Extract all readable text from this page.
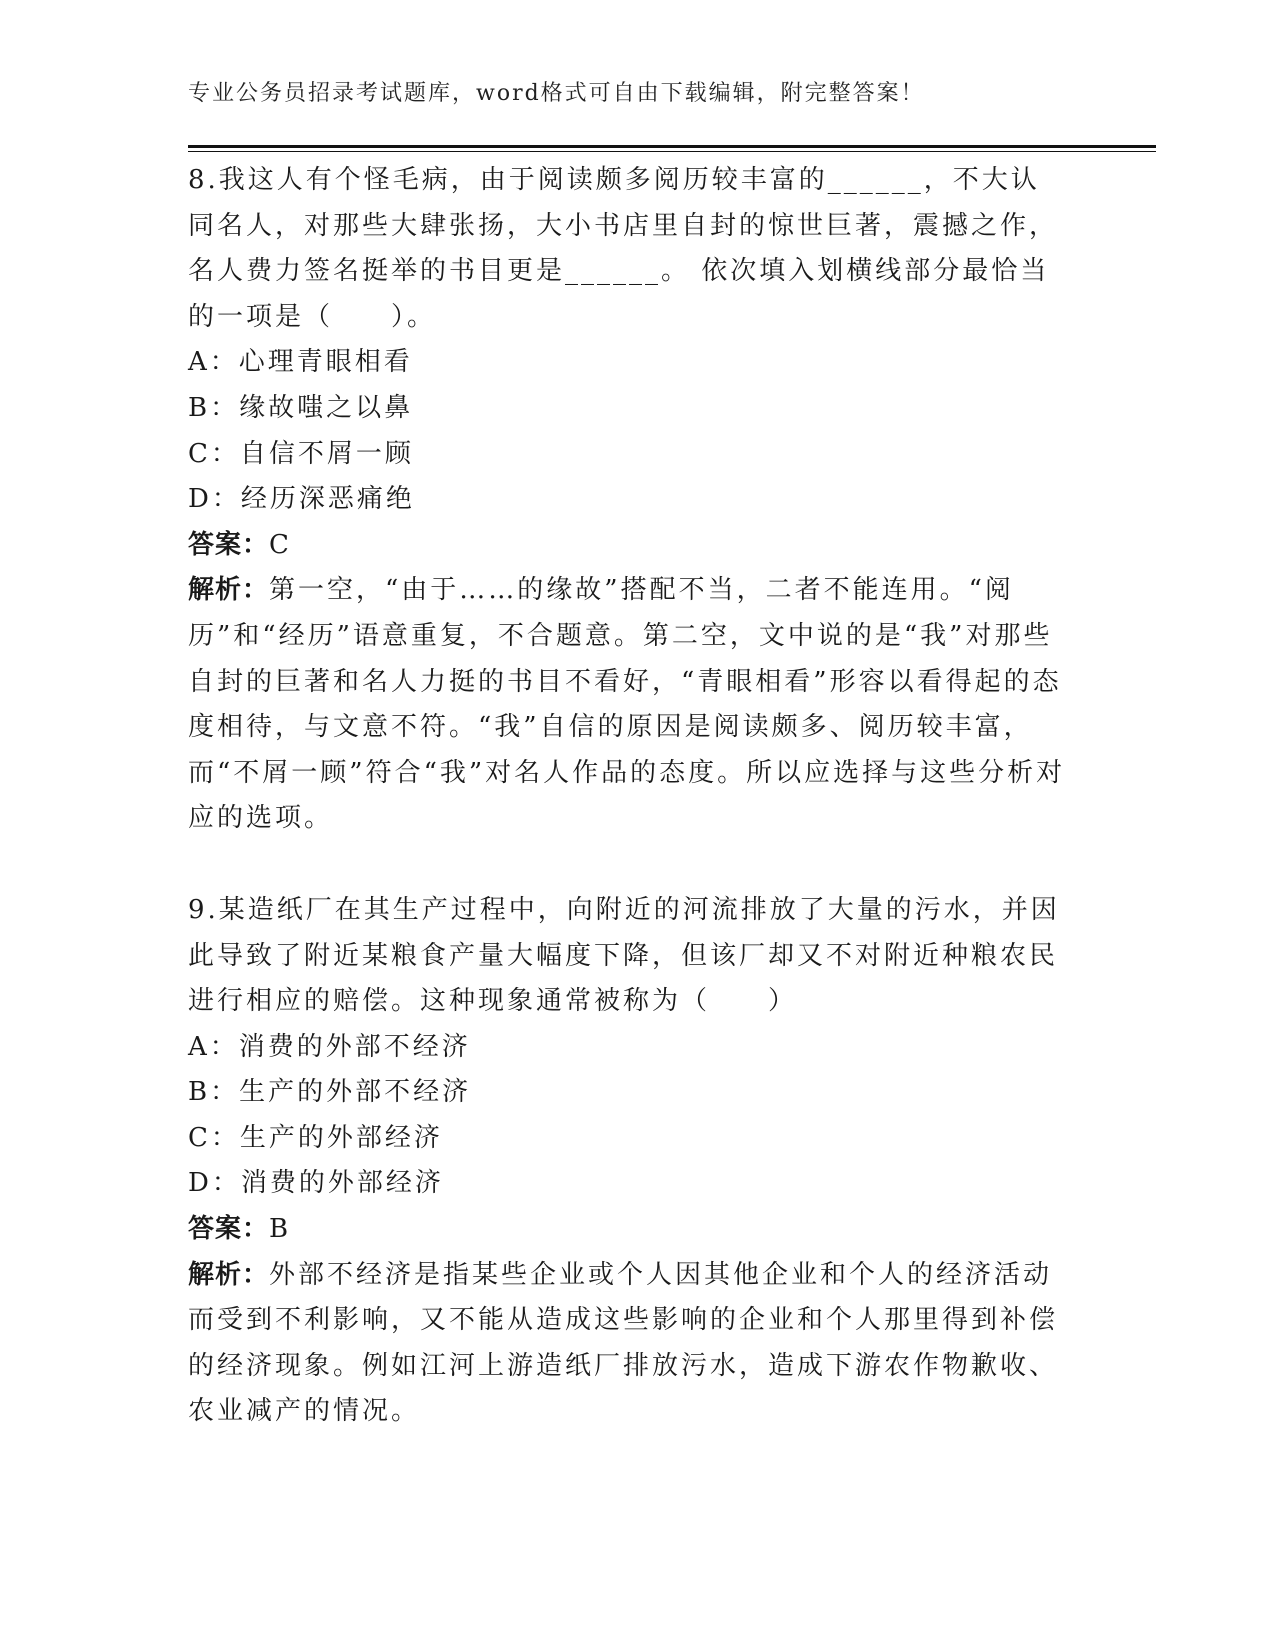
专业公务员招录考试题库，word格式可自由下载编辑，附完整答案！

8.我这人有个怪毛病，由于阅读颇多阅历较丰富的______，不大认同名人，对那些大肆张扬，大小书店里自封的惊世巨著，震撼之作，名人费力签名挺举的书目更是______。 依次填入划横线部分最恰当的一项是（　　）。

A：心理青眼相看

B：缘故嗤之以鼻

C：自信不屑一顾

D：经历深恶痛绝

答案：C

解析：第一空，“由于……的缘故”搭配不当，二者不能连用。“阅历”和“经历”语意重复，不合题意。第二空，文中说的是“我”对那些自封的巨著和名人力挺的书目不看好，“青眼相看”形容以看得起的态度相待，与文意不符。“我”自信的原因是阅读颇多、阅历较丰富，而“不屑一顾”符合“我”对名人作品的态度。所以应选择与这些分析对应的选项。

9.某造纸厂在其生产过程中，向附近的河流排放了大量的污水，并因此导致了附近某粮食产量大幅度下降，但该厂却又不对附近种粮农民进行相应的赔偿。这种现象通常被称为（　　）

A：消费的外部不经济

B：生产的外部不经济

C：生产的外部经济

D：消费的外部经济

答案：B

解析：外部不经济是指某些企业或个人因其他企业和个人的经济活动而受到不利影响，又不能从造成这些影响的企业和个人那里得到补偿的经济现象。例如江河上游造纸厂排放污水，造成下游农作物歉收、农业减产的情况。
